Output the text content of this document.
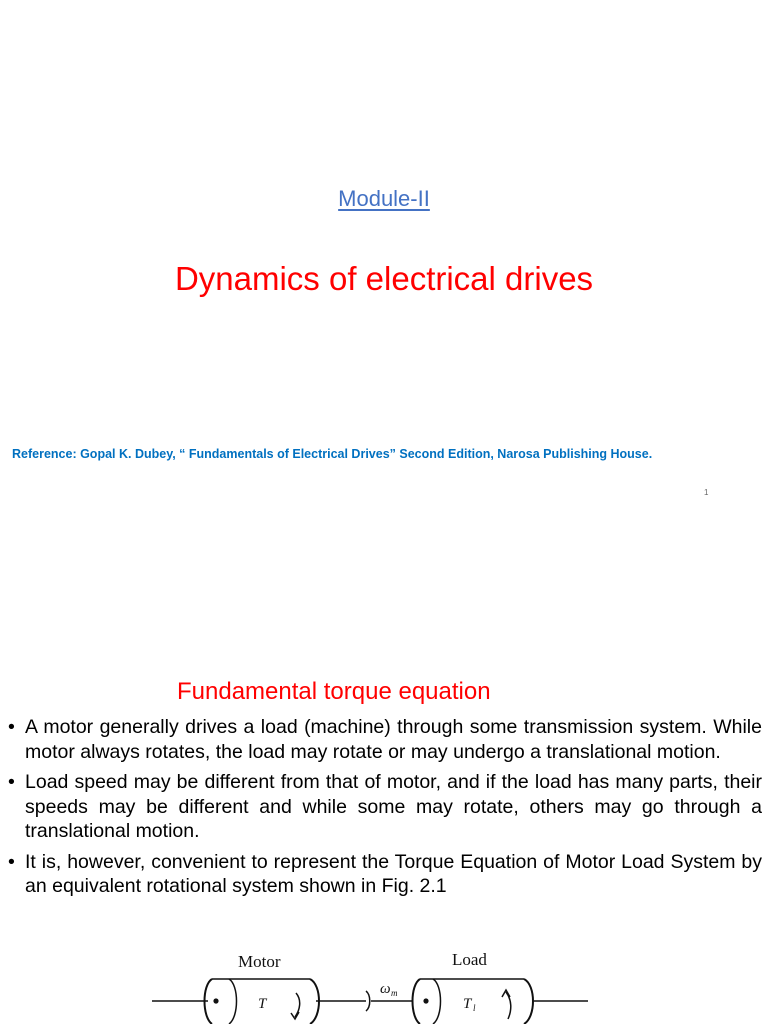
Module-II
Dynamics of electrical drives
Reference: Gopal K. Dubey, “ Fundamentals of Electrical Drives” Second Edition, Narosa Publishing House.
1
Fundamental torque equation
• A motor generally drives a load (machine) through some transmission system. While motor always rotates, the load may rotate or may undergo a translational motion.
• Load speed may be different from that of motor, and if the load has many parts, their speeds may be different and while some may rotate, others may go through a translational motion.
• It is, however, convenient to represent the Torque Equation of Motor Load System by an equivalent rotational system shown in Fig. 2.1
Motor	Load
T
ω m
T l
